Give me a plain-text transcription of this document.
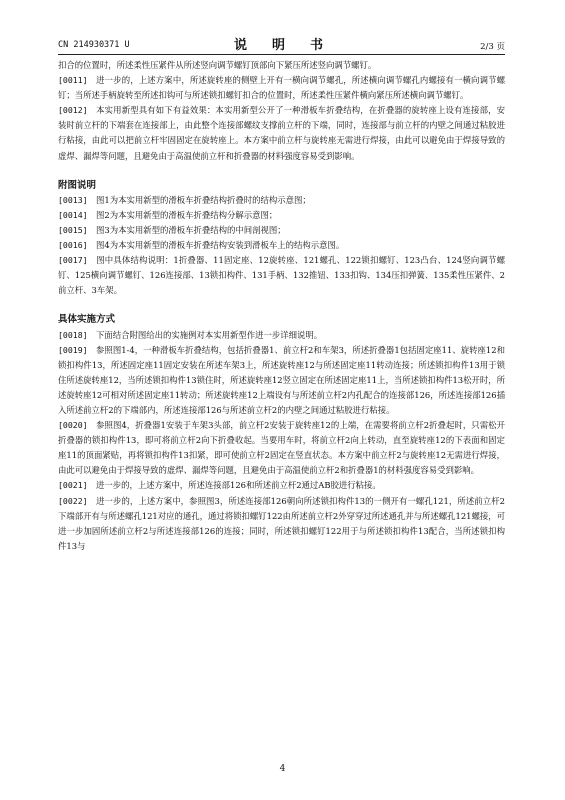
CN 214930371 U	说　明　书	2/3 页

扣合的位置时，所述柔性压紧件从所述竖向调节螺钉顶部向下紧压所述竖向调节螺钉。

[0011] 进一步的，上述方案中，所述旋转座的侧壁上开有一横向调节螺孔，所述横向调节螺孔内螺接有一横向调节螺钉；当所述手柄旋转至所述扣钩可与所述锁扣螺钉扣合的位置时，所述柔性压紧件横向紧压所述横向调节螺钉。

[0012] 本实用新型具有如下有益效果：本实用新型公开了一种滑板车折叠结构，在折叠器的旋转座上设有连接部，安装时前立杆的下端套在连接部上，由此整个连接部螺纹支撑前立杆的下端，同时，连接部与前立杆的内壁之间通过粘胶进行粘接，由此可以把前立杆牢固固定在旋转座上。本方案中前立杆与旋转座无需进行焊接，由此可以避免由于焊接导致的虚焊、漏焊等问题，且避免由于高温使前立杆和折叠器的材料强度容易受到影响。

附图说明

[0013] 图1为本实用新型的滑板车折叠结构折叠时的结构示意图；

[0014] 图2为本实用新型的滑板车折叠结构分解示意图；

[0015] 图3为本实用新型的滑板车折叠结构的中间剖视图；

[0016] 图4为本实用新型的滑板车折叠结构安装到滑板车上的结构示意图。

[0017] 图中具体结构说明：1折叠器、11固定座、12旋转座、121螺孔、122锁扣螺钉、123凸台、124竖向调节螺钉、125横向调节螺钉、126连接部、13锁扣构件、131手柄、132推钮、133扣钩、134压扣弹簧、135柔性压紧件、2前立杆、3车架。

具体实施方式

[0018] 下面结合附图给出的实施例对本实用新型作进一步详细说明。

[0019] 参照图1-4，一种滑板车折叠结构，包括折叠器1、前立杆2和车架3，所述折叠器1包括固定座11、旋转座12和锁扣构件13，所述固定座11固定安装在所述车架3上，所述旋转座12与所述固定座11转动连接；所述锁扣构件13用于锁住所述旋转座12，当所述锁扣构件13锁住时，所述旋转座12竖立固定在所述固定座11上，当所述锁扣构件13松开时，所述旋转座12可相对所述固定座11转动；所述旋转座12上端设有与所述前立杆2内孔配合的连接部126，所述连接部126插入所述前立杆2的下端部内，所述连接部126与所述前立杆2的内壁之间通过粘胶进行粘接。

[0020] 参照图4，折叠器1安装于车架3头部，前立杆2安装于旋转座12的上端，在需要将前立杆2折叠起时，只需松开折叠器的锁扣构件13，即可将前立杆2向下折叠收起。当要用车时，将前立杆2向上转动，直至旋转座12的下表面和固定座11的顶面紧贴，再将锁扣构件13扣紧，即可使前立杆2固定在竖直状态。本方案中前立杆2与旋转座12无需进行焊接，由此可以避免由于焊接导致的虚焊、漏焊等问题，且避免由于高温使前立杆2和折叠器1的材料强度容易受到影响。

[0021] 进一步的，上述方案中，所述连接部126和所述前立杆2通过AB胶进行粘接。

[0022] 进一步的，上述方案中，参照图3，所述连接部126朝向所述锁扣构件13的一侧开有一螺孔121，所述前立杆2下端部开有与所述螺孔121对应的通孔，通过将锁扣螺钉122由所述前立杆2外穿穿过所述通孔并与所述螺孔121螺接，可进一步加固所述前立杆2与所述连接部126的连接；同时，所述锁扣螺钉122用于与所述锁扣构件13配合，当所述锁扣构件13与

4
